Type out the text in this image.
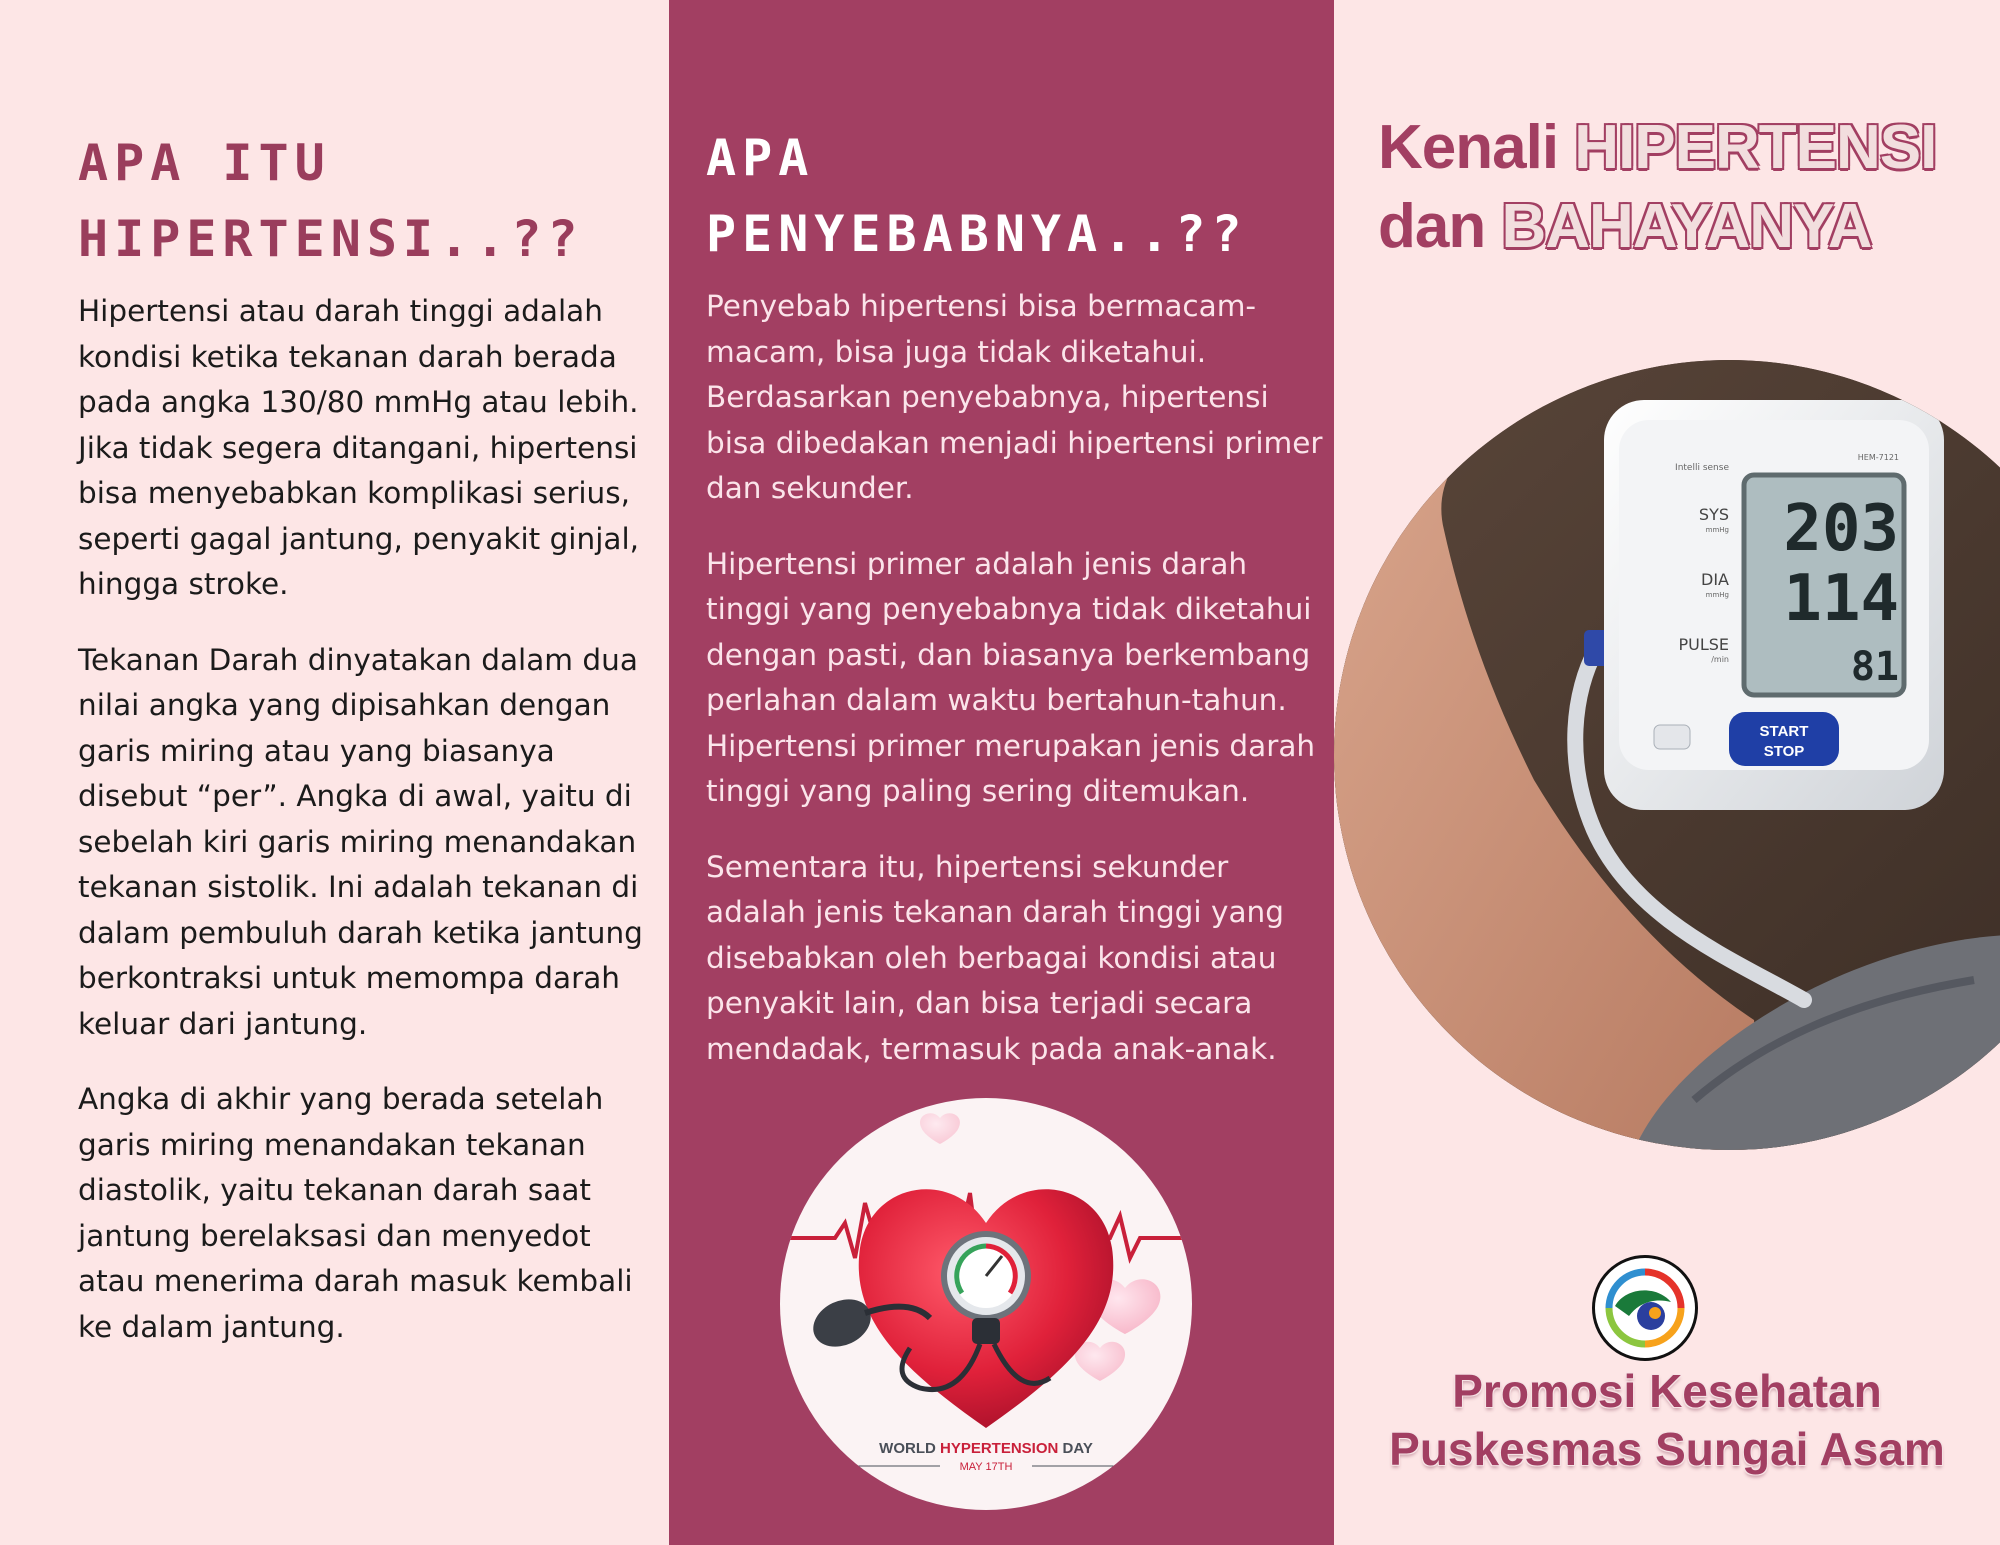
APA ITU
HIPERTENSI..??

Hipertensi atau darah tinggi adalah kondisi ketika tekanan darah berada pada angka 130/80 mmHg atau lebih. Jika tidak segera ditangani, hipertensi bisa menyebabkan komplikasi serius, seperti gagal jantung, penyakit ginjal, hingga stroke.

Tekanan Darah dinyatakan dalam dua nilai angka yang dipisahkan dengan garis miring atau yang biasanya disebut “per”. Angka di awal, yaitu di sebelah kiri garis miring menandakan tekanan sistolik. Ini adalah tekanan di dalam pembuluh darah ketika jantung berkontraksi untuk memompa darah keluar dari jantung.

Angka di akhir yang berada setelah garis miring menandakan tekanan diastolik, yaitu tekanan darah saat jantung berelaksasi dan menyedot atau menerima darah masuk kembali ke dalam jantung.

APA
PENYEBABNYA..??

Penyebab hipertensi bisa bermacam-macam, bisa juga tidak diketahui. Berdasarkan penyebabnya, hipertensi bisa dibedakan menjadi hipertensi primer dan sekunder.

Hipertensi primer adalah jenis darah tinggi yang penyebabnya tidak diketahui dengan pasti, dan biasanya berkembang perlahan dalam waktu bertahun-tahun. Hipertensi primer merupakan jenis darah tinggi yang paling sering ditemukan.

Sementara itu, hipertensi sekunder adalah jenis tekanan darah tinggi yang disebabkan oleh berbagai kondisi atau penyakit lain, dan bisa terjadi secara mendadak, termasuk pada anak-anak.

WORLD HYPERTENSION DAY
MAY 17TH
Kenali HIPERTENSI
dan BAHAYANYA
203
114
81
Intelli sense
HEM-7121
SYS
mmHg
DIA
mmHg
PULSE
/min
START
STOP
Promosi Kesehatan
Puskesmas Sungai Asam
